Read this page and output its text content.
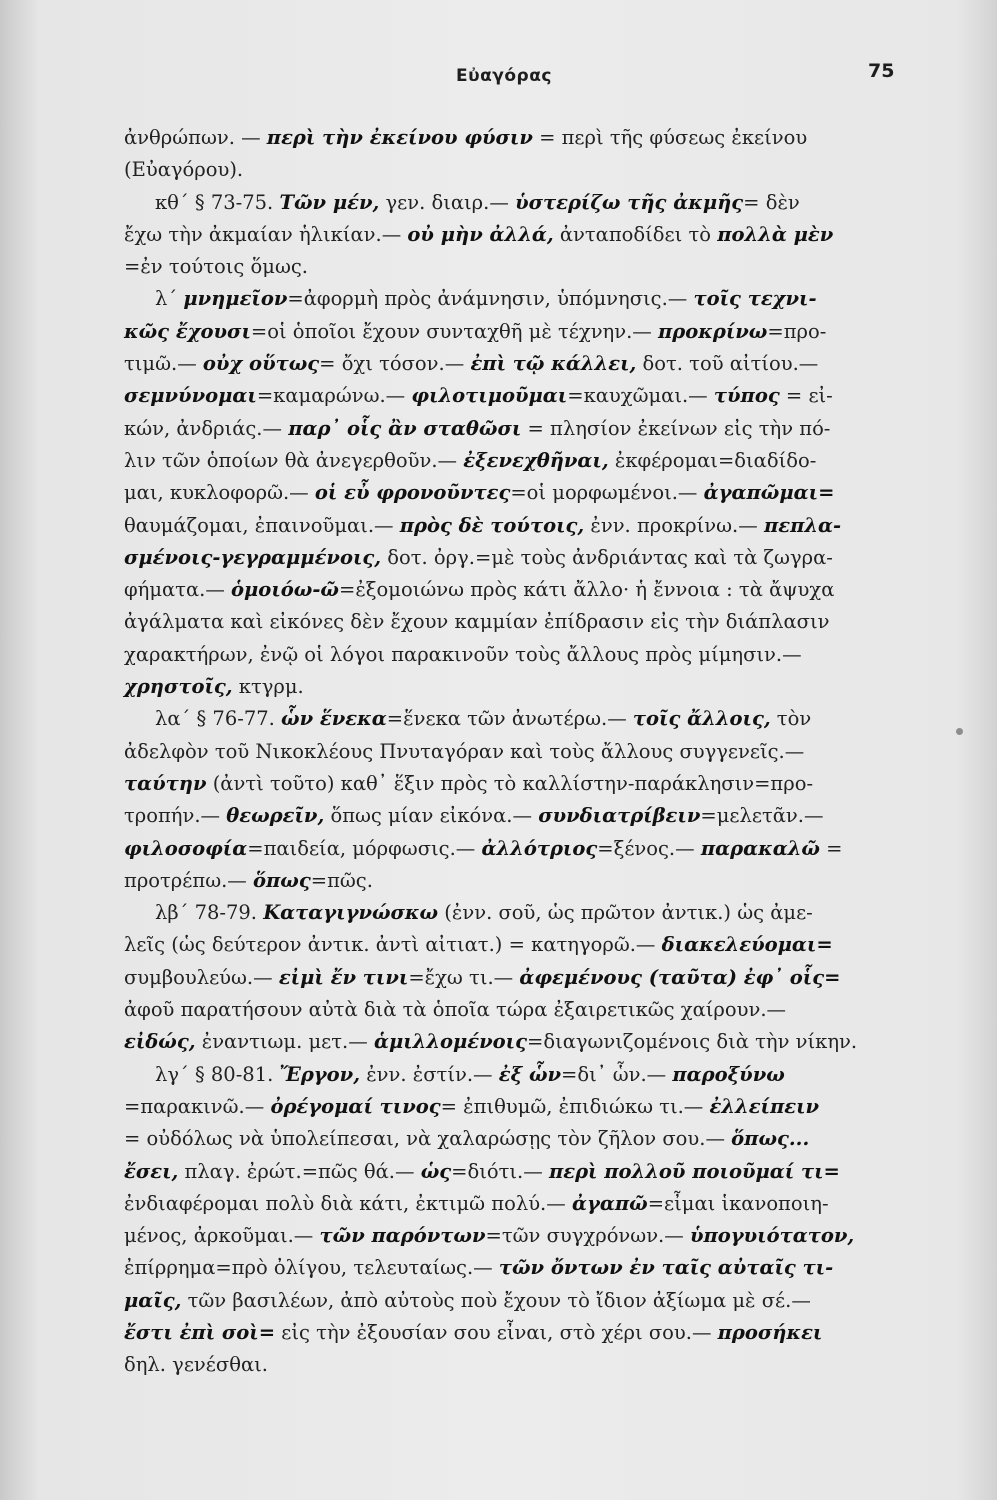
Εὐαγόρας	75
ἀνθρώπων. — περὶ τὴν ἐκείνου φύσιν = περὶ τῆς φύσεως ἐκείνου
(Εὐαγόρου).
κθ΄ § 73-75. Τῶν μέν, γεν. διαιρ.— ὑστερίζω τῆς ἀκμῆς= δὲν
ἔχω τὴν ἀκμαίαν ἡλικίαν.— οὐ μὴν ἀλλά, ἀνταποδίδει τὸ πολλὰ μὲν
=ἐν τούτοις ὅμως.
λ΄ μνημεῖον=ἀφορμὴ πρὸς ἀνάμνησιν, ὑπόμνησις.— τοῖς τεχνι-
κῶς ἔχουσι=οἱ ὁποῖοι ἔχουν συνταχθῆ μὲ τέχνην.— προκρίνω=προ-
τιμῶ.— οὐχ οὕτως= ὄχι τόσον.— ἐπὶ τῷ κάλλει, δοτ. τοῦ αἰτίου.—
σεμνύνομαι=καμαρώνω.— φιλοτιμοῦμαι=καυχῶμαι.— τύπος = εἰ-
κών, ἀνδριάς.— παρ᾽ οἷς ἂν σταθῶσι = πλησίον ἐκείνων εἰς τὴν πό-
λιν τῶν ὁποίων θὰ ἀνεγερθοῦν.— ἐξενεχθῆναι, ἐκφέρομαι=διαδίδο-
μαι, κυκλοφορῶ.— οἱ εὖ φρονοῦντες=οἱ μορφωμένοι.— ἀγαπῶμαι=
θαυμάζομαι, ἐπαινοῦμαι.— πρὸς δὲ τούτοις, ἐνν. προκρίνω.— πεπλα-
σμένοις-γεγραμμένοις, δοτ. ὀργ.=μὲ τοὺς ἀνδριάντας καὶ τὰ ζωγρα-
φήματα.— ὁμοιόω-ῶ=ἐξομοιώνω πρὸς κάτι ἄλλο· ἡ ἔννοια : τὰ ἄψυχα
ἀγάλματα καὶ εἰκόνες δὲν ἔχουν καμμίαν ἐπίδρασιν εἰς τὴν διάπλασιν
χαρακτήρων, ἐνῷ οἱ λόγοι παρακινοῦν τοὺς ἄλλους πρὸς μίμησιν.—
χρηστοῖς, κτγρμ.
λα΄ § 76-77. ὧν ἕνεκα=ἕνεκα τῶν ἀνωτέρω.— τοῖς ἄλλοις, τὸν
ἀδελφὸν τοῦ Νικοκλέους Πνυταγόραν καὶ τοὺς ἄλλους συγγενεῖς.—
ταύτην (ἀντὶ τοῦτο) καθ᾽ ἕξιν πρὸς τὸ καλλίστην-παράκλησιν=προ-
τροπήν.— θεωρεῖν, ὅπως μίαν εἰκόνα.— συνδιατρίβειν=μελετᾶν.—
φιλοσοφία=παιδεία, μόρφωσις.— ἀλλότριος=ξένος.— παρακαλῶ =
προτρέπω.— ὅπως=πῶς.
λβ΄ 78-79. Καταγιγνώσκω (ἐνν. σοῦ, ὡς πρῶτον ἀντικ.) ὡς ἀμε-
λεῖς (ὡς δεύτερον ἀντικ. ἀντὶ αἰτιατ.) = κατηγορῶ.— διακελεύομαι=
συμβουλεύω.— εἰμὶ ἔν τινι=ἔχω τι.— ἀφεμένους (ταῦτα) ἐφ᾽ οἷς=
ἀφοῦ παρατήσουν αὐτὰ διὰ τὰ ὁποῖα τώρα ἐξαιρετικῶς χαίρουν.—
εἰδώς, ἐναντιωμ. μετ.— ἁμιλλομένοις=διαγωνιζομένοις διὰ τὴν νίκην.
λγ΄ § 80-81. Ἔργον, ἐνν. ἐστίν.— ἐξ ὧν=δι᾽ ὧν.— παροξύνω
=παρακινῶ.— ὀρέγομαί τινος= ἐπιθυμῶ, ἐπιδιώκω τι.— ἐλλείπειν
= οὐδόλως νὰ ὑπολείπεσαι, νὰ χαλαρώσῃς τὸν ζῆλον σου.— ὅπως...
ἔσει, πλαγ. ἐρώτ.=πῶς θά.— ὡς=διότι.— περὶ πολλοῦ ποιοῦμαί τι=
ἐνδιαφέρομαι πολὺ διὰ κάτι, ἐκτιμῶ πολύ.— ἀγαπῶ=εἶμαι ἱκανοποιη-
μένος, ἀρκοῦμαι.— τῶν παρόντων=τῶν συγχρόνων.— ὑπογυιότατον,
ἐπίρρημα=πρὸ ὀλίγου, τελευταίως.— τῶν ὄντων ἐν ταῖς αὐταῖς τι-
μαῖς, τῶν βασιλέων, ἀπὸ αὐτοὺς ποὺ ἔχουν τὸ ἴδιον ἀξίωμα μὲ σέ.—
ἔστι ἐπὶ σοὶ= εἰς τὴν ἐξουσίαν σου εἶναι, στὸ χέρι σου.— προσήκει
δηλ. γενέσθαι.
